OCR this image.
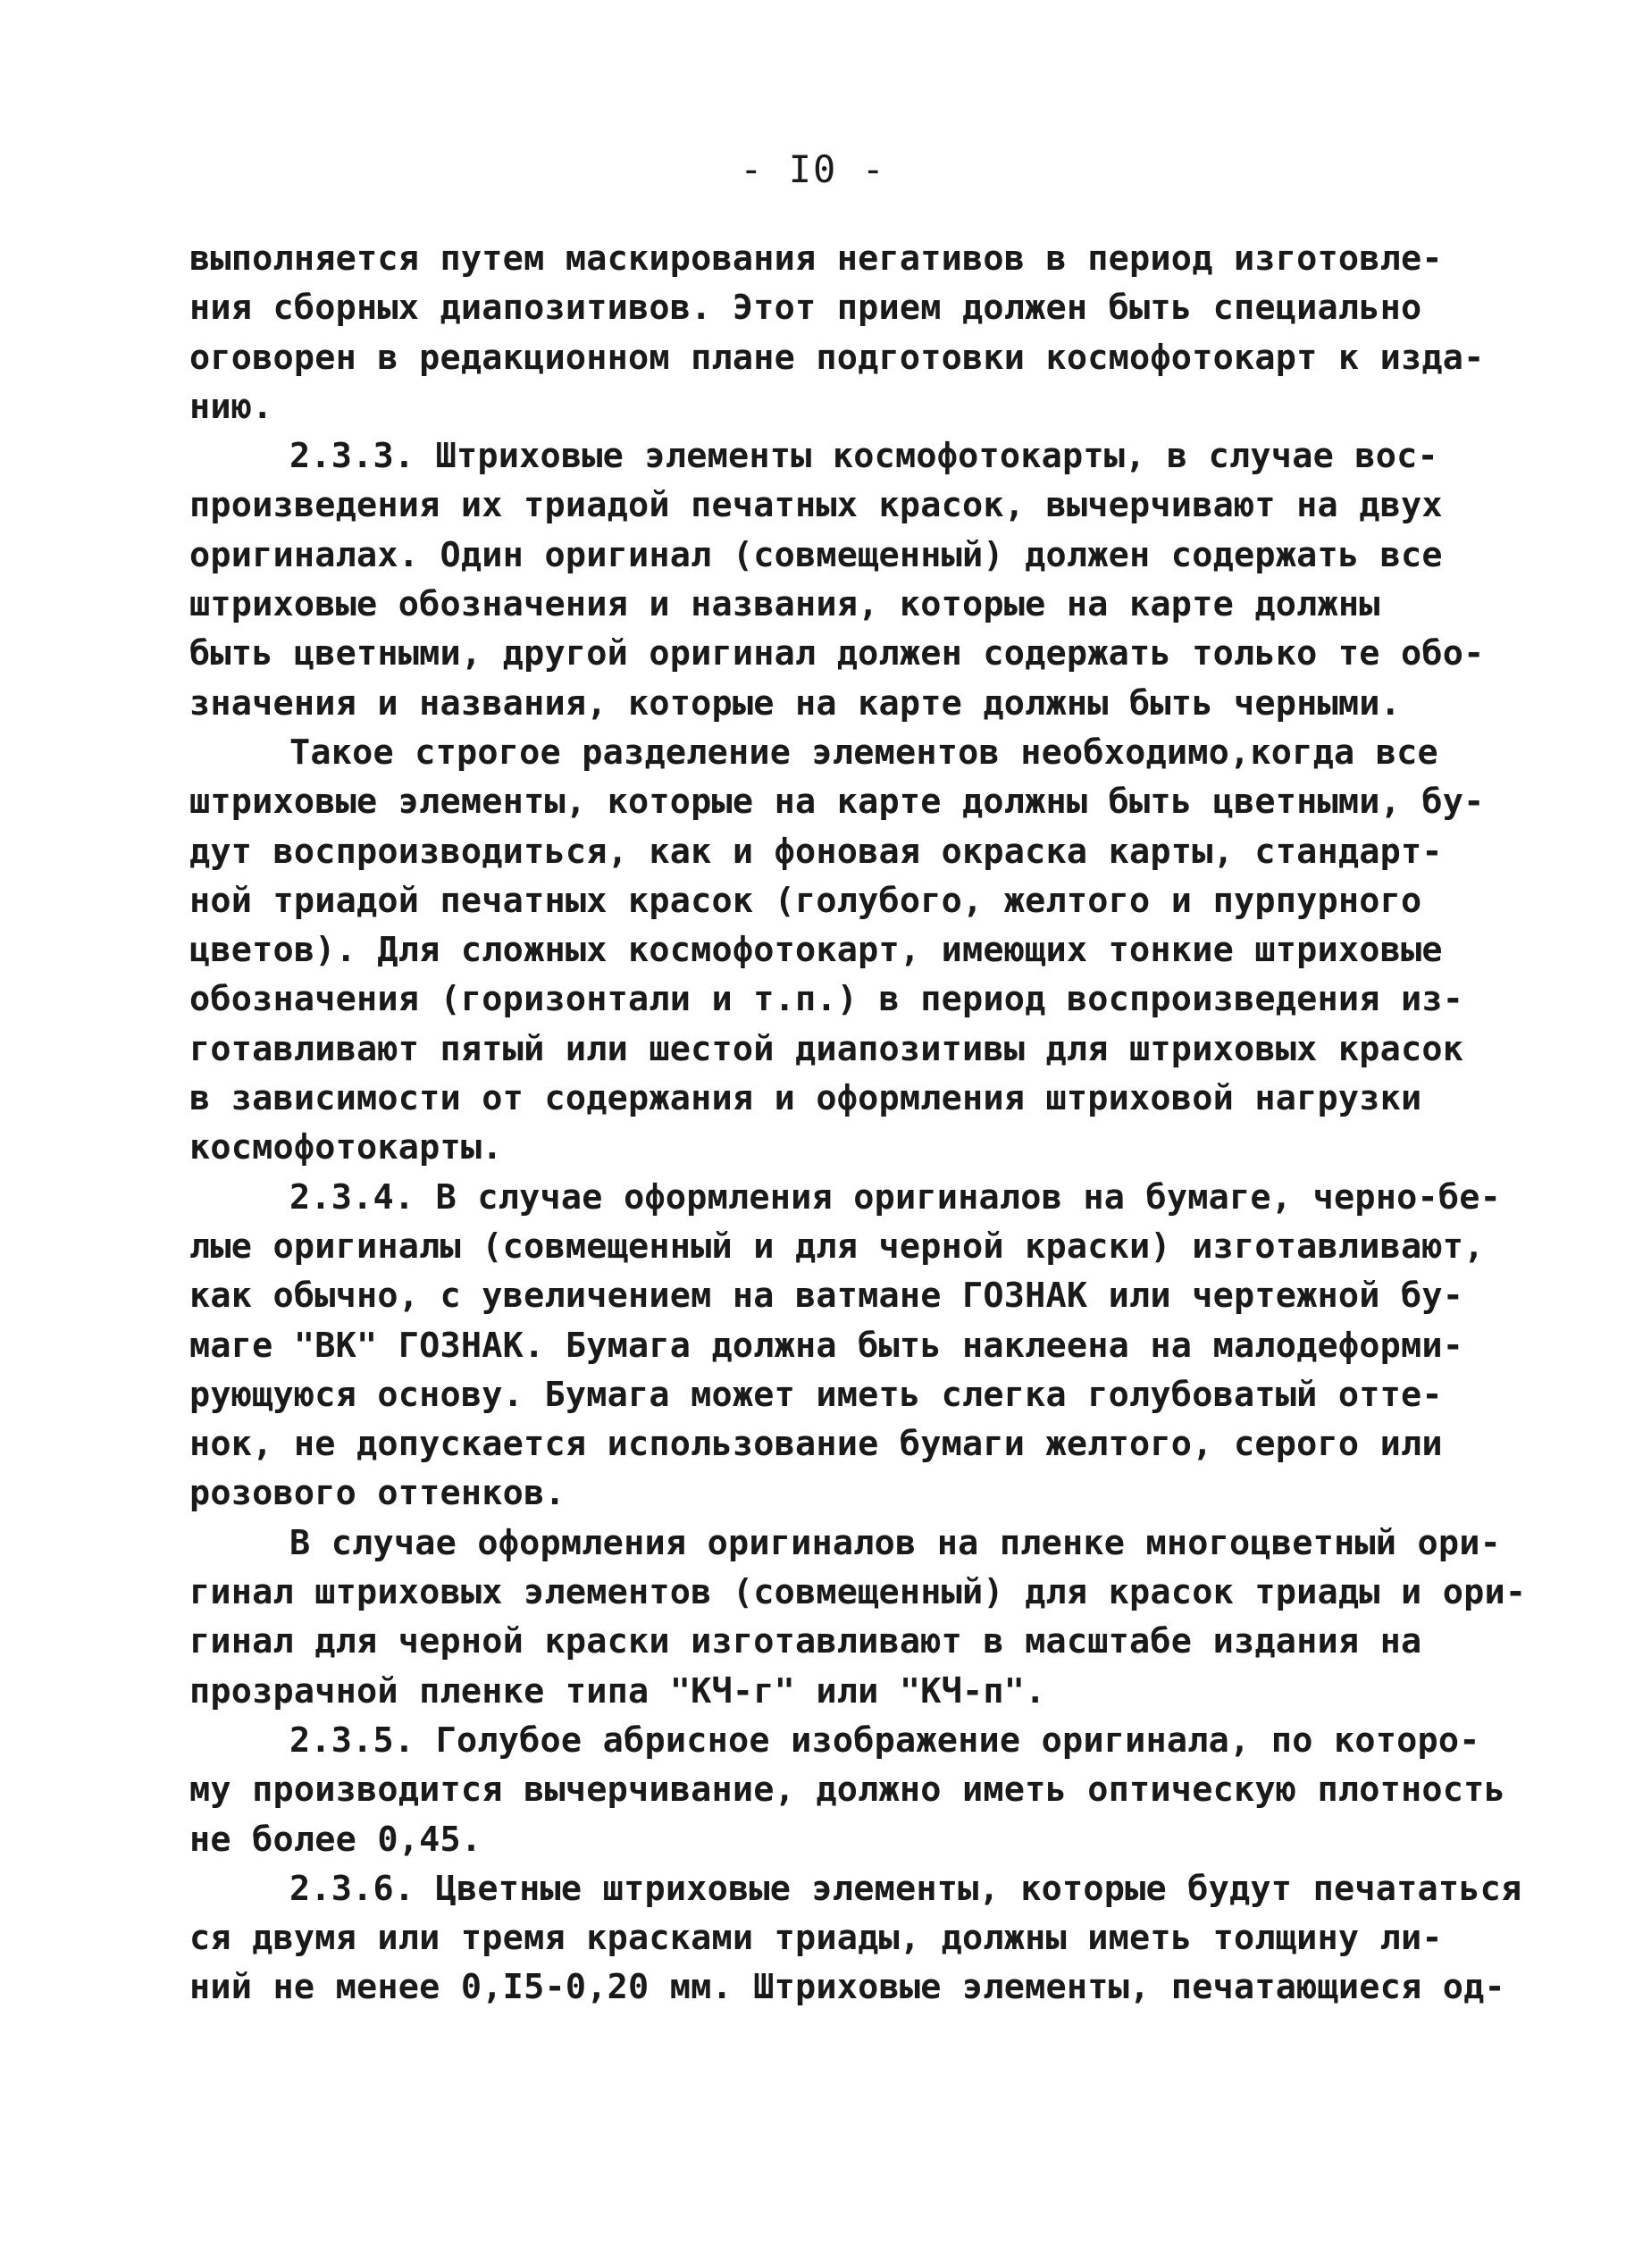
- I0 -
выполняется путем маскирования негативов в период изготовле-
ния сборных диапозитивов. Этот прием должен быть специально
оговорен в редакционном плане подготовки космофотокарт к изда-
нию.
2.3.3. Штриховые элементы космофотокарты, в случае вос-
произведения их триадой печатных красок, вычерчивают на двух
оригиналах. Один оригинал (совмещенный) должен содержать все
штриховые обозначения и названия, которые на карте должны
быть цветными, другой оригинал должен содержать только те обо-
значения и названия, которые на карте должны быть черными.
Такое строгое разделение элементов необходимо,когда все
штриховые элементы, которые на карте должны быть цветными, бу-
дут воспроизводиться, как и фоновая окраска карты, стандарт-
ной триадой печатных красок (голубого, желтого и пурпурного
цветов). Для сложных космофотокарт, имеющих тонкие штриховые
обозначения (горизонтали и т.п.) в период воспроизведения из-
готавливают пятый или шестой диапозитивы для штриховых красок
в зависимости от содержания и оформления штриховой нагрузки
космофотокарты.
2.3.4. В случае оформления оригиналов на бумаге, черно-бе-
лые оригиналы (совмещенный и для черной краски) изготавливают,
как обычно, с увеличением на ватмане ГОЗНАК или чертежной бу-
маге "ВК" ГОЗНАК. Бумага должна быть наклеена на малодеформи-
рующуюся основу. Бумага может иметь слегка голубоватый отте-
нок, не допускается использование бумаги желтого, серого или
розового оттенков.
В случае оформления оригиналов на пленке многоцветный ори-
гинал штриховых элементов (совмещенный) для красок триады и ори-
гинал для черной краски изготавливают в масштабе издания на
прозрачной пленке типа "КЧ-г" или "КЧ-п".
2.3.5. Голубое абрисное изображение оригинала, по которо-
му производится вычерчивание, должно иметь оптическую плотность
не более 0,45.
2.3.6. Цветные штриховые элементы, которые будут печататься
ся двумя или тремя красками триады, должны иметь толщину ли-
ний не менее 0,I5-0,20 мм. Штриховые элементы, печатающиеся од-
